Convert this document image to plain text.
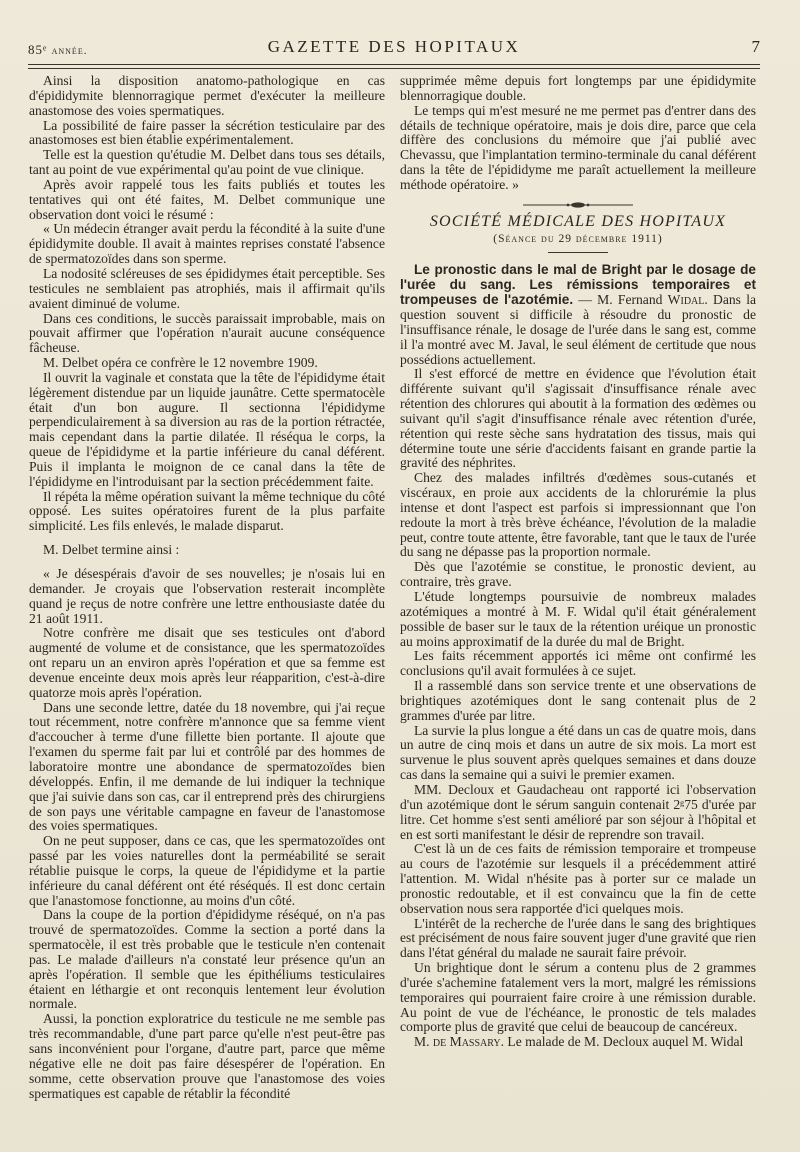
85ᵉ année.	GAZETTE DES HOPITAUX	7

Ainsi la disposition anatomo-pathologique en cas d'épididymite blennorragique permet d'exécuter la meilleure anastomose des voies spermatiques.

La possibilité de faire passer la sécrétion testiculaire par des anastomoses est bien établie expérimentalement.

Telle est la question qu'étudie M. Delbet dans tous ses détails, tant au point de vue expérimental qu'au point de vue clinique.

Après avoir rappelé tous les faits publiés et toutes les tentatives qui ont été faites, M. Delbet communique une observation dont voici le résumé :

« Un médecin étranger avait perdu la fécondité à la suite d'une épididymite double. Il avait à maintes reprises constaté l'absence de spermatozoïdes dans son sperme.

La nodosité scléreuses de ses épididymes était perceptible. Ses testicules ne semblaient pas atrophiés, mais il affirmait qu'ils avaient diminué de volume.

Dans ces conditions, le succès paraissait improbable, mais on pouvait affirmer que l'opération n'aurait aucune conséquence fâcheuse.

M. Delbet opéra ce confrère le 12 novembre 1909.

Il ouvrit la vaginale et constata que la tête de l'épididyme était légèrement distendue par un liquide jaunâtre. Cette spermatocèle était d'un bon augure. Il sectionna l'épididyme perpendiculairement à sa diversion au ras de la portion rétractée, mais cependant dans la partie dilatée. Il réséqua le corps, la queue de l'épididyme et la partie inférieure du canal déférent. Puis il implanta le moignon de ce canal dans la tête de l'épididyme en l'introduisant par la section précédemment faite.

Il répéta la même opération suivant la même technique du côté opposé. Les suites opératoires furent de la plus parfaite simplicité. Les fils enlevés, le malade disparut.

M. Delbet termine ainsi :

« Je désespérais d'avoir de ses nouvelles; je n'osais lui en demander. Je croyais que l'observation resterait incomplète quand je reçus de notre confrère une lettre enthousiaste datée du 21 août 1911.

Notre confrère me disait que ses testicules ont d'abord augmenté de volume et de consistance, que les spermatozoïdes ont reparu un an environ après l'opération et que sa femme est devenue enceinte deux mois après leur réapparition, c'est-à-dire quatorze mois après l'opération.

Dans une seconde lettre, datée du 18 novembre, qui j'ai reçue tout récemment, notre confrère m'annonce que sa femme vient d'accoucher à terme d'une fillette bien portante. Il ajoute que l'examen du sperme fait par lui et contrôlé par des hommes de laboratoire montre une abondance de spermatozoïdes bien développés. Enfin, il me demande de lui indiquer la technique que j'ai suivie dans son cas, car il entreprend près des chirurgiens de son pays une véritable campagne en faveur de l'anastomose des voies spermatiques.

On ne peut supposer, dans ce cas, que les spermatozoïdes ont passé par les voies naturelles dont la perméabilité se serait rétablie puisque le corps, la queue de l'épididyme et la partie inférieure du canal déférent ont été réséqués. Il est donc certain que l'anastomose fonctionne, au moins d'un côté.

Dans la coupe de la portion d'épididyme réséqué, on n'a pas trouvé de spermatozoïdes. Comme la section a porté dans la spermatocèle, il est très probable que le testicule n'en contenait pas. Le malade d'ailleurs n'a constaté leur présence qu'un an après l'opération. Il semble que les épithéliums testiculaires étaient en léthargie et ont reconquis lentement leur évolution normale.

Aussi, la ponction exploratrice du testicule ne me semble pas très recommandable, d'une part parce qu'elle n'est peut-être pas sans inconvénient pour l'organe, d'autre part, parce que même négative elle ne doit pas faire désespérer de l'opération. En somme, cette observation prouve que l'anastomose des voies spermatiques est capable de rétablir la fécondité

supprimée même depuis fort longtemps par une épididymite blennorragique double.

Le temps qui m'est mesuré ne me permet pas d'entrer dans des détails de technique opératoire, mais je dois dire, parce que cela diffère des conclusions du mémoire que j'ai publié avec Chevassu, que l'implantation termino-terminale du canal déférent dans la tête de l'épididyme me paraît actuellement la meilleure méthode opératoire. »

SOCIÉTÉ MÉDICALE DES HOPITAUX
(Séance du 29 décembre 1911)

Le pronostic dans le mal de Bright par le dosage de l'urée du sang. Les rémissions temporaires et trompeuses de l'azotémie. — M. Fernand Widal. Dans la question souvent si difficile à résoudre du pronostic de l'insuffisance rénale, le dosage de l'urée dans le sang est, comme il l'a montré avec M. Javal, le seul élément de certitude que nous possédions actuellement.

Il s'est efforcé de mettre en évidence que l'évolution était différente suivant qu'il s'agissait d'insuffisance rénale avec rétention des chlorures qui aboutit à la formation des œdèmes ou suivant qu'il s'agit d'insuffisance rénale avec rétention d'urée, rétention qui reste sèche sans hydratation des tissus, mais qui détermine toute une série d'accidents faisant en grande partie la gravité des néphrites.

Chez des malades infiltrés d'œdèmes sous-cutanés et viscéraux, en proie aux accidents de la chlorurémie la plus intense et dont l'aspect est parfois si impressionnant que l'on redoute la mort à très brève échéance, l'évolution de la maladie peut, contre toute attente, être favorable, tant que le taux de l'urée du sang ne dépasse pas la proportion normale.

Dès que l'azotémie se constitue, le pronostic devient, au contraire, très grave.

L'étude longtemps poursuivie de nombreux malades azotémiques a montré à M. F. Widal qu'il était généralement possible de baser sur le taux de la rétention uréique un pronostic au moins approximatif de la durée du mal de Bright.

Les faits récemment apportés ici même ont confirmé les conclusions qu'il avait formulées à ce sujet.

Il a rassemblé dans son service trente et une observations de brightiques azotémiques dont le sang contenait plus de 2 grammes d'urée par litre.

La survie la plus longue a été dans un cas de quatre mois, dans un autre de cinq mois et dans un autre de six mois. La mort est survenue le plus souvent après quelques semaines et dans douze cas dans la semaine qui a suivi le premier examen.

MM. Decloux et Gaudacheau ont rapporté ici l'observation d'un azotémique dont le sérum sanguin contenait 2ᵍ75 d'urée par litre. Cet homme s'est senti amélioré par son séjour à l'hôpital et en est sorti manifestant le désir de reprendre son travail.

C'est là un de ces faits de rémission temporaire et trompeuse au cours de l'azotémie sur lesquels il a précédemment attiré l'attention. M. Widal n'hésite pas à porter sur ce malade un pronostic redoutable, et il est convaincu que la fin de cette observation nous sera rapportée d'ici quelques mois.

L'intérêt de la recherche de l'urée dans le sang des brightiques est précisément de nous faire souvent juger d'une gravité que rien dans l'état général du malade ne saurait faire prévoir.

Un brightique dont le sérum a contenu plus de 2 grammes d'urée s'achemine fatalement vers la mort, malgré les rémissions temporaires qui pourraient faire croire à une rémission durable. Au point de vue de l'échéance, le pronostic de tels malades comporte plus de gravité que celui de beaucoup de cancéreux.

M. de Massary. Le malade de M. Decloux auquel M. Widal
